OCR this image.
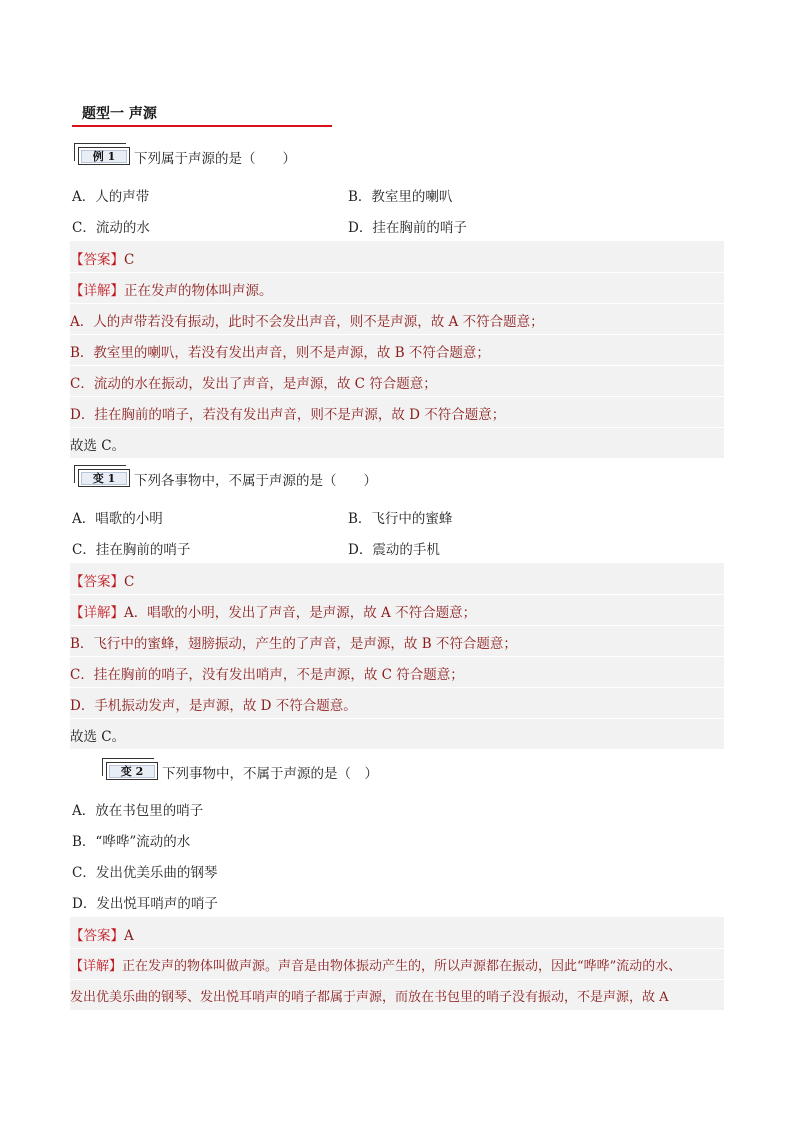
题型一 声源
例 1	下列属于声源的是（　　）
A．人的声带	B．教室里的喇叭
C．流动的水	D．挂在胸前的哨子
【答案】C
【详解】正在发声的物体叫声源。
A．人的声带若没有振动，此时不会发出声音，则不是声源，故 A 不符合题意；
B．教室里的喇叭，若没有发出声音，则不是声源，故 B 不符合题意；
C．流动的水在振动，发出了声音，是声源，故 C 符合题意；
D．挂在胸前的哨子，若没有发出声音，则不是声源，故 D 不符合题意；
故选 C。
变 1	下列各事物中，不属于声源的是（　　）
A．唱歌的小明	B．飞行中的蜜蜂
C．挂在胸前的哨子	D．震动的手机
【答案】C
【详解】A．唱歌的小明，发出了声音，是声源，故 A 不符合题意；
B．飞行中的蜜蜂，翅膀振动，产生的了声音，是声源，故 B 不符合题意；
C．挂在胸前的哨子，没有发出哨声，不是声源，故 C 符合题意；
D．手机振动发声，是声源，故 D 不符合题意。
故选 C。
变 2	下列事物中，不属于声源的是（　）
A．放在书包里的哨子
B．“哗哗”流动的水
C．发出优美乐曲的钢琴
D．发出悦耳哨声的哨子
【答案】A
【详解】正在发声的物体叫做声源。声音是由物体振动产生的，所以声源都在振动，因此“哗哗”流动的水、
发出优美乐曲的钢琴、发出悦耳哨声的哨子都属于声源，而放在书包里的哨子没有振动，不是声源，故 A
